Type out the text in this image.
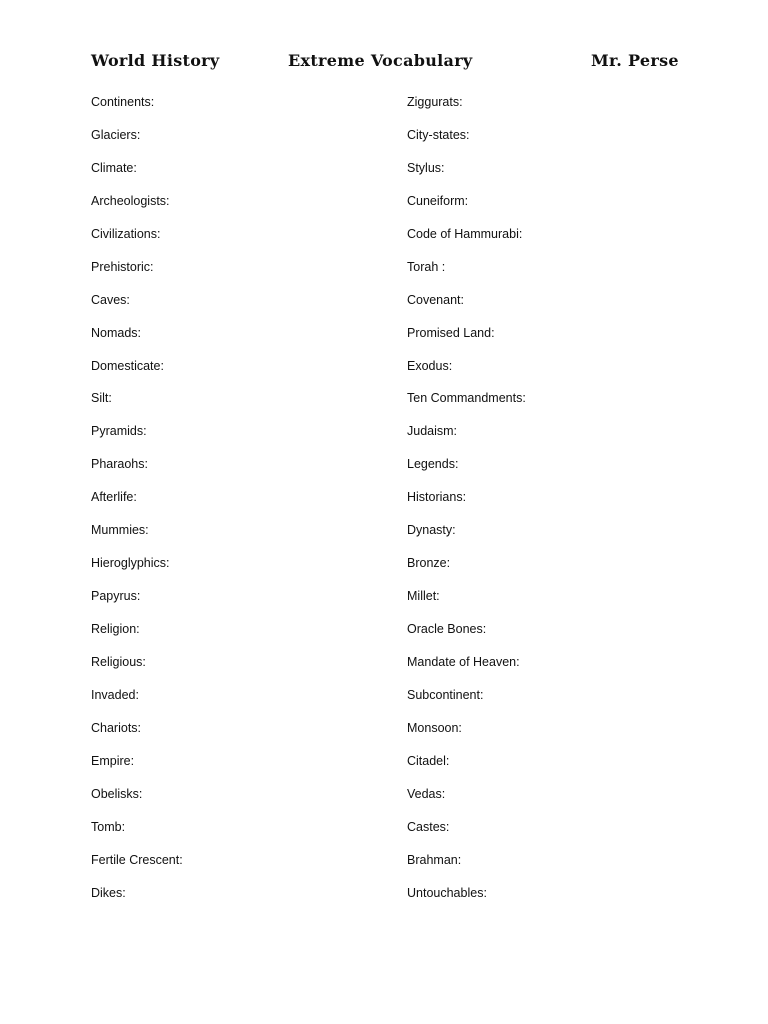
World History	Extreme Vocabulary	Mr. Perse
Continents:
Glaciers:
Climate:
Archeologists:
Civilizations:
Prehistoric:
Caves:
Nomads:
Domesticate:
Silt:
Pyramids:
Pharaohs:
Afterlife:
Mummies:
Hieroglyphics:
Papyrus:
Religion:
Religious:
Invaded:
Chariots:
Empire:
Obelisks:
Tomb:
Fertile Crescent:
Dikes:
Ziggurats:
City-states:
Stylus:
Cuneiform:
Code of Hammurabi:
Torah :
Covenant:
Promised Land:
Exodus:
Ten Commandments:
Judaism:
Legends:
Historians:
Dynasty:
Bronze:
Millet:
Oracle Bones:
Mandate of Heaven:
Subcontinent:
Monsoon:
Citadel:
Vedas:
Castes:
Brahman:
Untouchables:
